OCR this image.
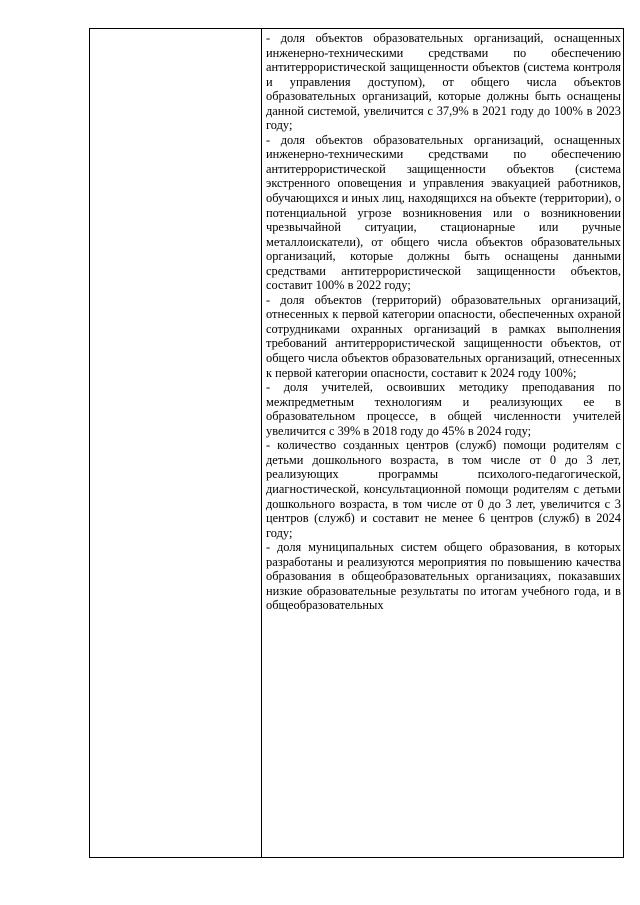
- доля объектов образовательных организаций, оснащенных инженерно-техническими средствами по обеспечению антитеррористической защищенности объектов (система контроля и управления доступом), от общего числа объектов образовательных организаций, которые должны быть оснащены данной системой, увеличится с 37,9% в 2021 году до 100% в 2023 году;

- доля объектов образовательных организаций, оснащенных инженерно-техническими средствами по обеспечению антитеррористической защищенности объектов (система экстренного оповещения и управления эвакуацией работников, обучающихся и иных лиц, находящихся на объекте (территории), о потенциальной угрозе возникновения или о возникновении чрезвычайной ситуации, стационарные или ручные металлоискатели), от общего числа объектов образовательных организаций, которые должны быть оснащены данными средствами антитеррористической защищенности объектов, составит 100% в 2022 году;

- доля объектов (территорий) образовательных организаций, отнесенных к первой категории опасности, обеспеченных охраной сотрудниками охранных организаций в рамках выполнения требований антитеррористической защищенности объектов, от общего числа объектов образовательных организаций, отнесенных к первой категории опасности, составит к 2024 году 100%;

- доля учителей, освоивших методику преподавания по межпредметным технологиям и реализующих ее в образовательном процессе, в общей численности учителей увеличится с 39% в 2018 году до 45% в 2024 году;

- количество созданных центров (служб) помощи родителям с детьми дошкольного возраста, в том числе от 0 до 3 лет, реализующих программы психолого-педагогической, диагностической, консультационной помощи родителям с детьми дошкольного возраста, в том числе от 0 до 3 лет, увеличится с 3 центров (служб) и составит не менее 6 центров (служб) в 2024 году;

- доля муниципальных систем общего образования, в которых разработаны и реализуются мероприятия по повышению качества образования в общеобразовательных организациях, показавших низкие образовательные результаты по итогам учебного года, и в общеобразовательных
